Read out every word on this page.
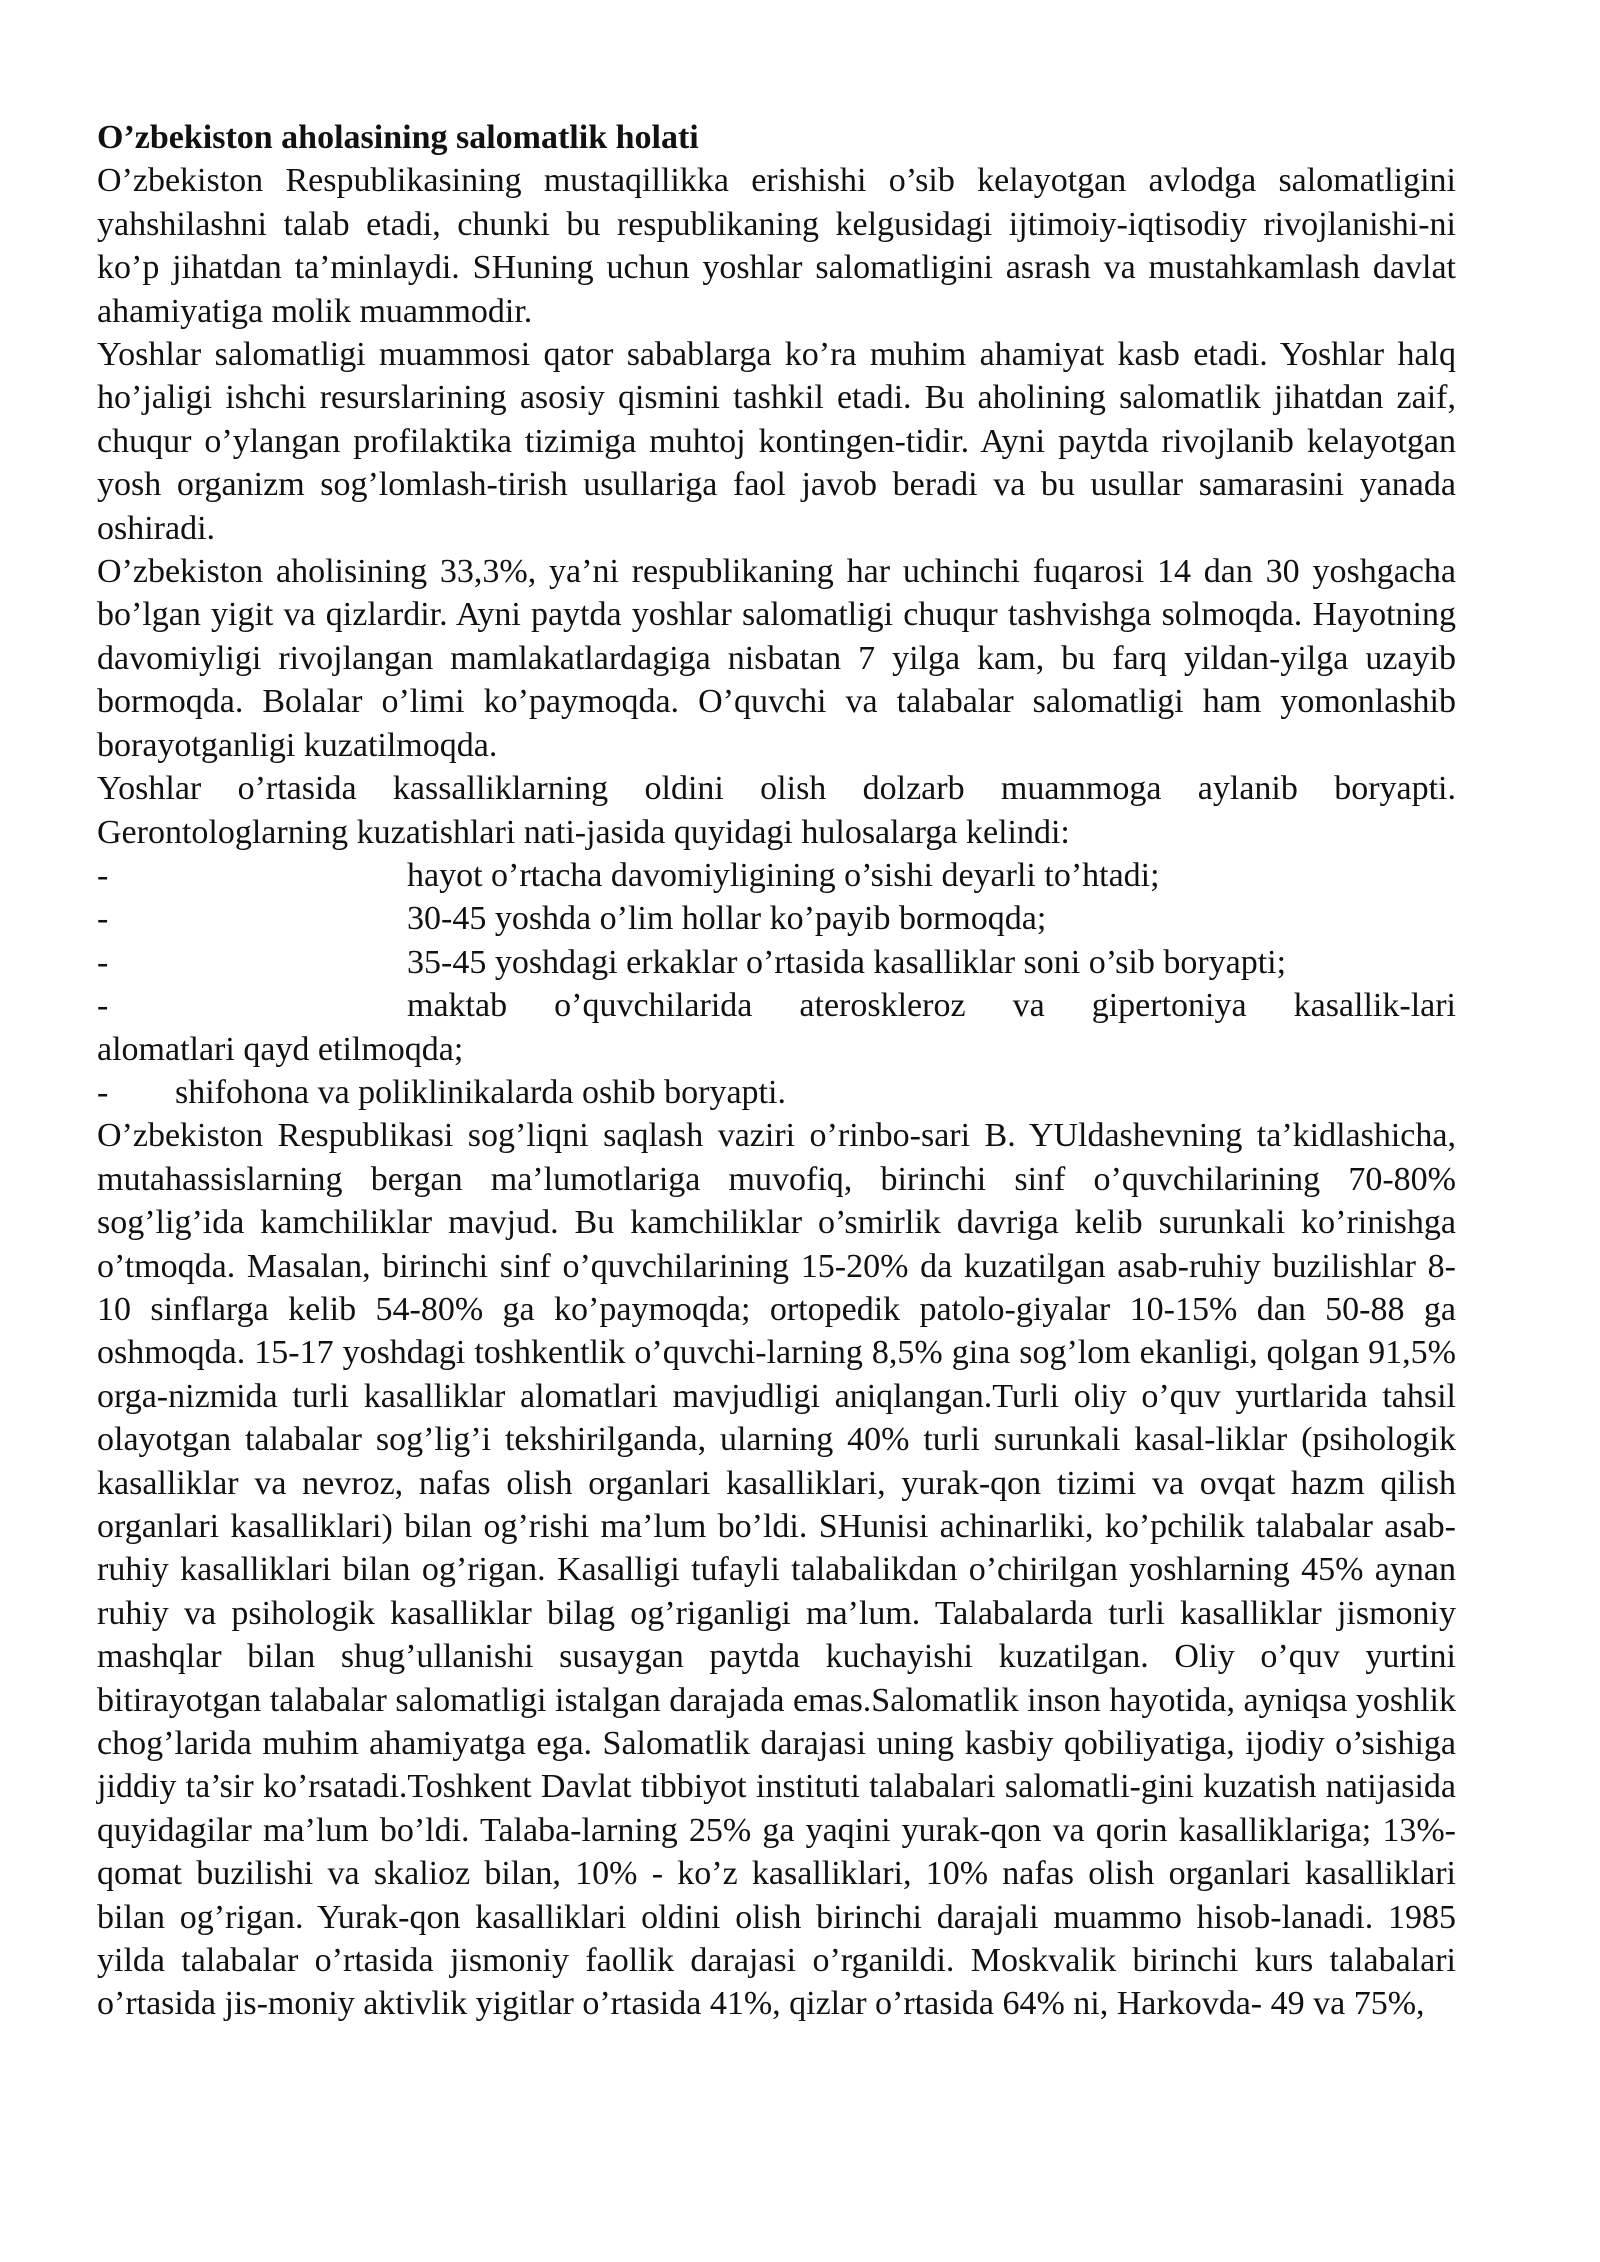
O’zbekiston aholasining salomatlik holati

O’zbekiston Respublikasining mustaqillikka erishishi o’sib kelayotgan avlodga salomatligini yahshilashni talab etadi, chunki bu respublikaning kelgusidagi ijtimoiy-iqtisodiy rivojlanishi-ni ko’p jihatdan ta’minlaydi. SHuning uchun yoshlar salomatligini asrash va mustahkamlash davlat ahamiyatiga molik muammodir.

Yoshlar salomatligi muammosi qator sabablarga ko’ra muhim ahamiyat kasb etadi. Yoshlar halq ho’jaligi ishchi resurslarining asosiy qismini tashkil etadi. Bu aholining salomatlik jihatdan zaif, chuqur o’ylangan profilaktika tizimiga muhtoj kontingen-tidir. Ayni paytda rivojlanib kelayotgan yosh organizm sog’lomlash-tirish usullariga faol javob beradi va bu usullar samarasini yanada oshiradi.

O’zbekiston aholisining 33,3%, ya’ni respublikaning har uchinchi fuqarosi 14 dan 30 yoshgacha bo’lgan yigit va qizlardir. Ayni paytda yoshlar salomatligi chuqur tashvishga solmoqda. Hayotning davomiyligi rivojlangan mamlakatlardagiga nisbatan 7 yilga kam, bu farq yildan-yilga uzayib bormoqda. Bolalar o’limi ko’paymoqda. O’quvchi va talabalar salomatligi ham yomonlashib borayotganligi kuzatilmoqda.

Yoshlar o’rtasida kassalliklarning oldini olish dolzarb muammoga aylanib boryapti. Gerontologlarning kuzatishlari nati-jasida quyidagi hulosalarga kelindi:

-	hayot o’rtacha davomiyligining o’sishi deyarli to’htadi;
-	30-45 yoshda o’lim hollar ko’payib bormoqda;
-	35-45 yoshdagi erkaklar o’rtasida kasalliklar soni o’sib boryapti;
-	maktab o’quvchilarida ateroskleroz va gipertoniya kasallik-lari

alomatlari qayd etilmoqda;

-	shifohona va poliklinikalarda oshib boryapti.

O’zbekiston Respublikasi sog’liqni saqlash vaziri o’rinbo-sari B. YUldashevning ta’kidlashicha, mutahassislarning bergan ma’lumotlariga muvofiq, birinchi sinf o’quvchilarining 70-80% sog’lig’ida kamchiliklar mavjud. Bu kamchiliklar o’smirlik davriga kelib surunkali ko’rinishga o’tmoqda. Masalan, birinchi sinf o’quvchilarining 15-20% da kuzatilgan asab-ruhiy buzilishlar 8-10 sinflarga kelib 54-80% ga ko’paymoqda; ortopedik patolo-giyalar 10-15% dan 50-88 ga oshmoqda. 15-17 yoshdagi toshkentlik o’quvchi-larning 8,5% gina sog’lom ekanligi, qolgan 91,5% orga-nizmida turli kasalliklar alomatlari mavjudligi aniqlangan.Turli oliy o’quv yurtlarida tahsil olayotgan talabalar sog’lig’i tekshirilganda, ularning 40% turli surunkali kasal-liklar (psihologik kasalliklar va nevroz, nafas olish organlari kasalliklari, yurak-qon tizimi va ovqat hazm qilish organlari kasalliklari) bilan og’rishi ma’lum bo’ldi. SHunisi achinarliki, ko’pchilik talabalar asab-ruhiy kasalliklari bilan og’rigan. Kasalligi tufayli talabalikdan o’chirilgan yoshlarning 45% aynan ruhiy va psihologik kasalliklar bilag og’riganligi ma’lum. Talabalarda turli kasalliklar jismoniy mashqlar bilan shug’ullanishi susaygan paytda kuchayishi kuzatilgan. Oliy o’quv yurtini bitirayotgan talabalar salomatligi istalgan darajada emas.Salomatlik inson hayotida, ayniqsa yoshlik chog’larida muhim ahamiyatga ega. Salomatlik darajasi uning kasbiy qobiliyatiga, ijodiy o’sishiga jiddiy ta’sir ko’rsatadi.Toshkent Davlat tibbiyot instituti talabalari salomatli-gini kuzatish natijasida quyidagilar ma’lum bo’ldi. Talaba-larning 25% ga yaqini yurak-qon va qorin kasalliklariga; 13%- qomat buzilishi va skalioz bilan, 10% - ko’z kasalliklari, 10% nafas olish organlari kasalliklari bilan og’rigan. Yurak-qon kasalliklari oldini olish birinchi darajali muammo hisob-lanadi. 1985 yilda talabalar o’rtasida jismoniy faollik darajasi o’rganildi. Moskvalik birinchi kurs talabalari o’rtasida jis-moniy aktivlik yigitlar o’rtasida 41%, qizlar o’rtasida 64% ni, Harkovda- 49 va 75%,
